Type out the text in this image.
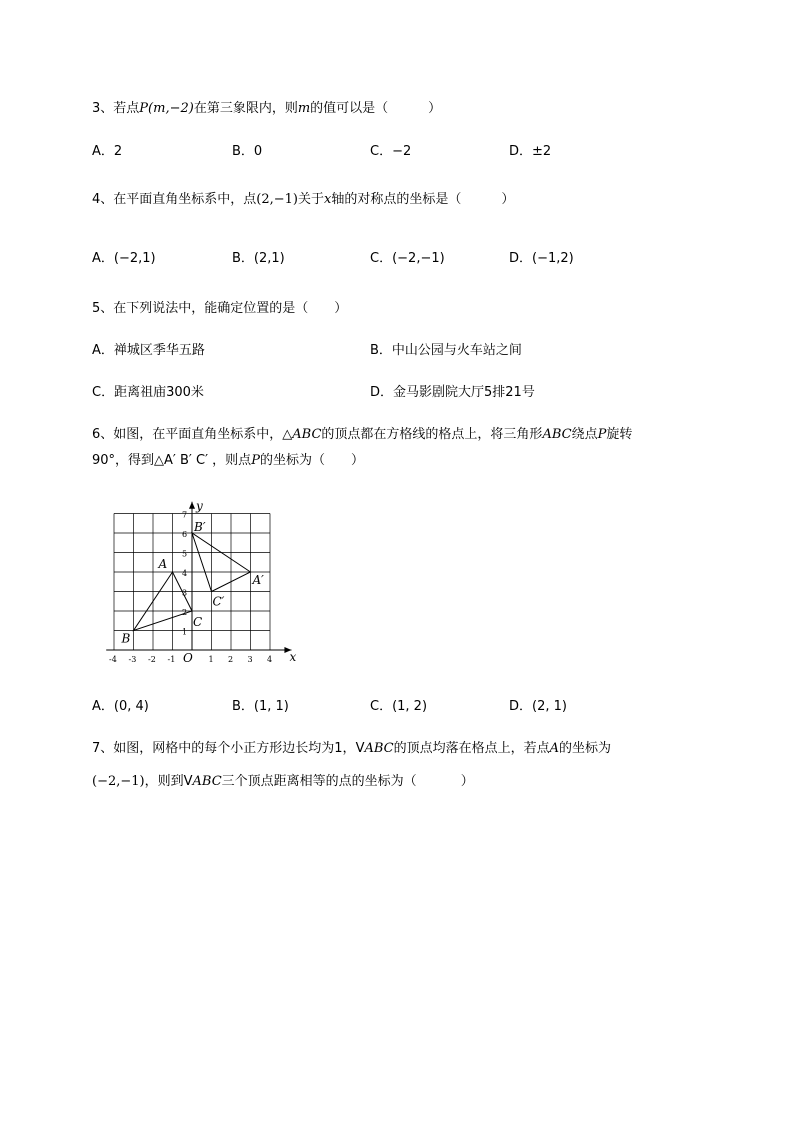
3、若点P(m,−2)在第三象限内，则m的值可以是（	）
A．2	B．0	C．−2	D．±2
4、在平面直角坐标系中，点(2,−1)关于x轴的对称点的坐标是（	）
A．(−2,1)	B．(2,1)	C．(−2,−1)	D．(−1,2)
5、在下列说法中，能确定位置的是（ ）
A．禅城区季华五路	B．中山公园与火车站之间
C．距离祖庙300米	D．金马影剧院大厅5排21号
6、如图，在平面直角坐标系中，△ABC的顶点都在方格线的格点上，将三角形ABC绕点P旋转
90°，得到△A′ B′ C′ ，则点P的坐标为（ ）
x
y
O
-4 -3 -2 -1	1 2 3 4
1
2
3
4
5
6
7
A
B
C
A′
B′
C′
A．(0, 4)	B．(1, 1)	C．(1, 2)	D．(2, 1)
7、如图，网格中的每个小正方形边长均为1，VABC的顶点均落在格点上，若点A的坐标为
(−2,−1)，则到VABC三个顶点距离相等的点的坐标为（	）
